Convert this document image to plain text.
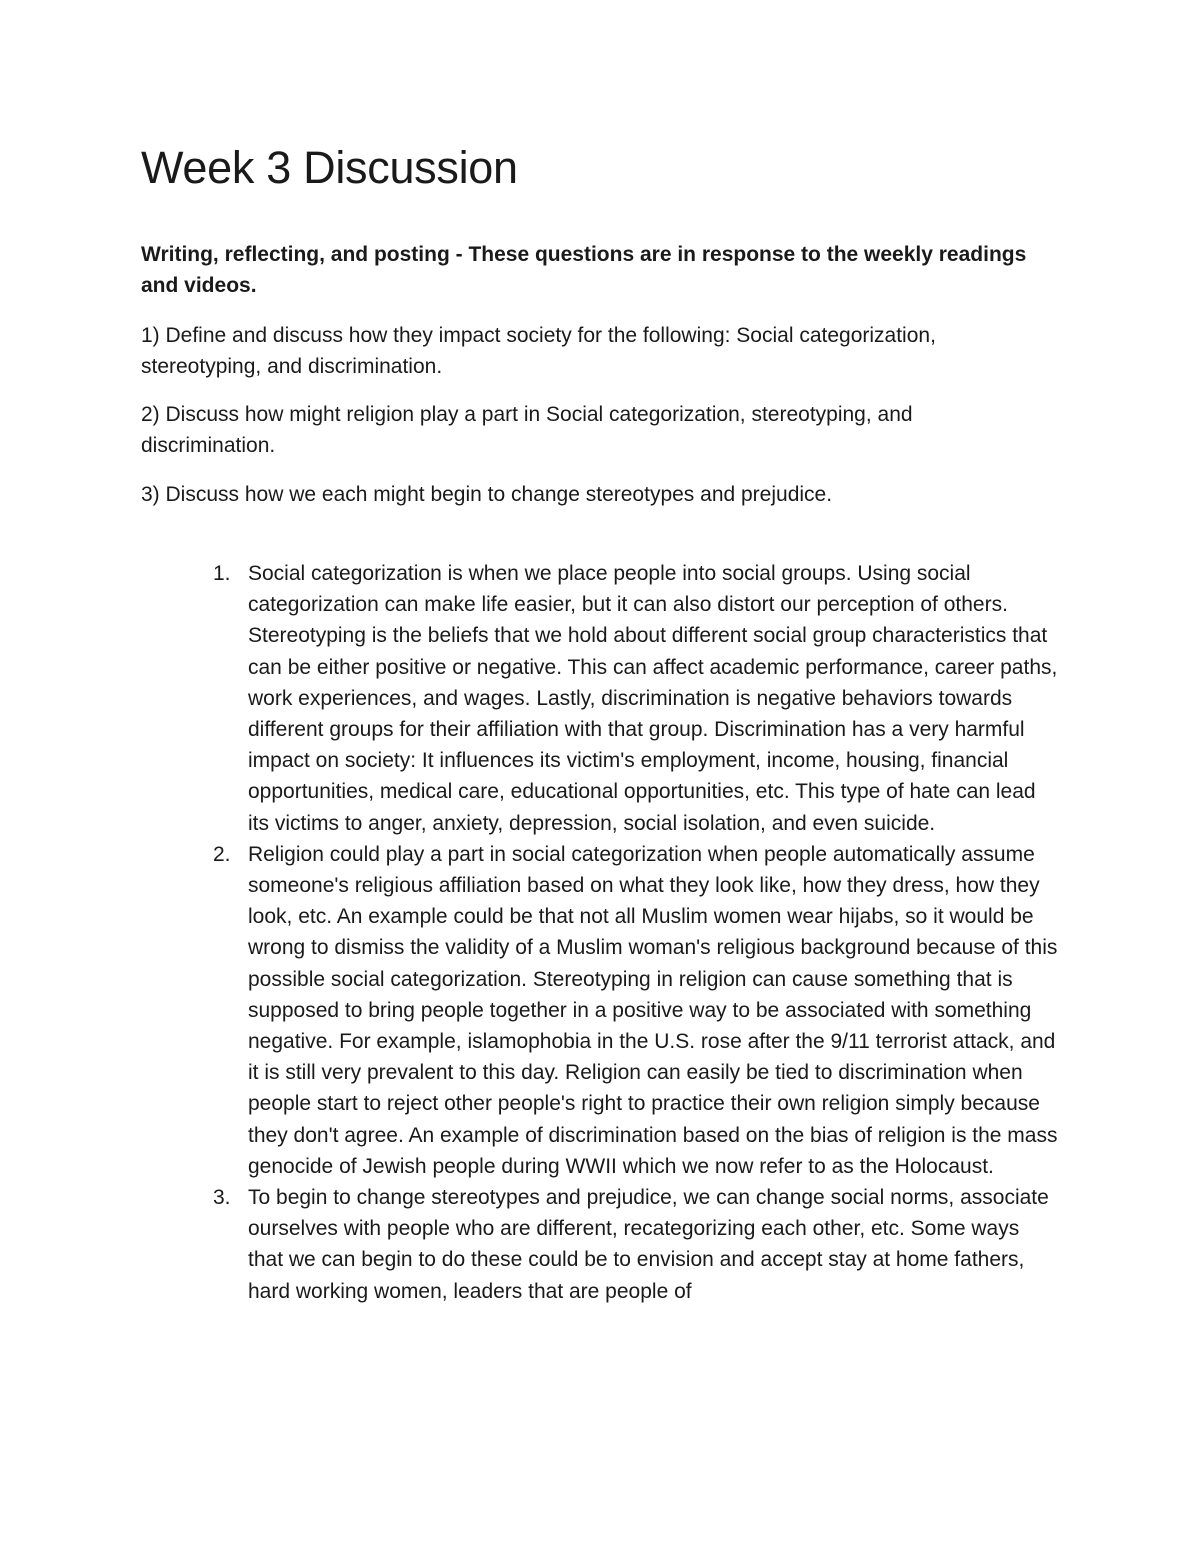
Week 3 Discussion

Writing, reflecting, and posting - These questions are in response to the weekly readings and videos.

1) Define and discuss how they impact society for the following: Social categorization, stereotyping, and discrimination.

2) Discuss how might religion play a part in Social categorization, stereotyping, and discrimination.

3) Discuss how we each might begin to change stereotypes and prejudice.

1. Social categorization is when we place people into social groups. Using social categorization can make life easier, but it can also distort our perception of others. Stereotyping is the beliefs that we hold about different social group characteristics that can be either positive or negative. This can affect academic performance, career paths, work experiences, and wages. Lastly, discrimination is negative behaviors towards different groups for their affiliation with that group. Discrimination has a very harmful impact on society: It influences its victim's employment, income, housing, financial opportunities, medical care, educational opportunities, etc. This type of hate can lead its victims to anger, anxiety, depression, social isolation, and even suicide.
2. Religion could play a part in social categorization when people automatically assume someone's religious affiliation based on what they look like, how they dress, how they look, etc. An example could be that not all Muslim women wear hijabs, so it would be wrong to dismiss the validity of a Muslim woman's religious background because of this possible social categorization. Stereotyping in religion can cause something that is supposed to bring people together in a positive way to be associated with something negative. For example, islamophobia in the U.S. rose after the 9/11 terrorist attack, and it is still very prevalent to this day. Religion can easily be tied to discrimination when people start to reject other people's right to practice their own religion simply because they don't agree. An example of discrimination based on the bias of religion is the mass genocide of Jewish people during WWII which we now refer to as the Holocaust.
3. To begin to change stereotypes and prejudice, we can change social norms, associate ourselves with people who are different, recategorizing each other, etc. Some ways that we can begin to do these could be to envision and accept stay at home fathers, hard working women, leaders that are people of
